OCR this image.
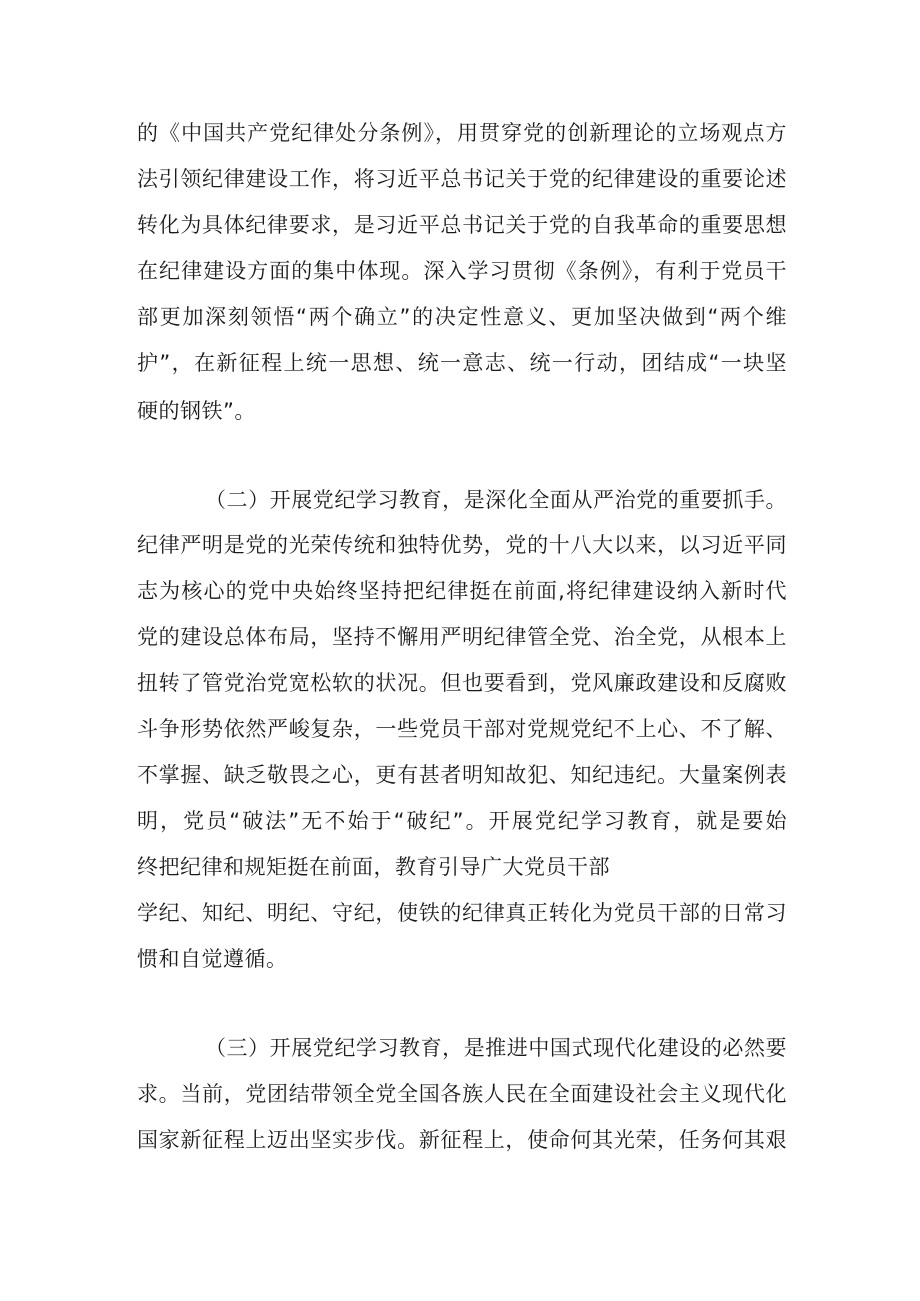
的《中国共产党纪律处分条例》，用贯穿党的创新理论的立场观点方
法引领纪律建设工作，将习近平总书记关于党的纪律建设的重要论述
转化为具体纪律要求，是习近平总书记关于党的自我革命的重要思想
在纪律建设方面的集中体现。深入学习贯彻《条例》，有利于党员干
部更加深刻领悟“两个确立”的决定性意义、更加坚决做到“两个维
护”，在新征程上统一思想、统一意志、统一行动，团结成“一块坚
硬的钢铁”。
（二）开展党纪学习教育，是深化全面从严治党的重要抓手。
纪律严明是党的光荣传统和独特优势，党的十八大以来，以习近平同
志为核心的党中央始终坚持把纪律挺在前面,将纪律建设纳入新时代
党的建设总体布局，坚持不懈用严明纪律管全党、治全党，从根本上
扭转了管党治党宽松软的状况。但也要看到，党风廉政建设和反腐败
斗争形势依然严峻复杂，一些党员干部对党规党纪不上心、不了解、
不掌握、缺乏敬畏之心，更有甚者明知故犯、知纪违纪。大量案例表
明，党员“破法”无不始于“破纪”。开展党纪学习教育，就是要始
终把纪律和规矩挺在前面，教育引导广大党员干部
学纪、知纪、明纪、守纪，使铁的纪律真正转化为党员干部的日常习
惯和自觉遵循。
（三）开展党纪学习教育，是推进中国式现代化建设的必然要
求。当前，党团结带领全党全国各族人民在全面建设社会主义现代化
国家新征程上迈出坚实步伐。新征程上，使命何其光荣，任务何其艰
